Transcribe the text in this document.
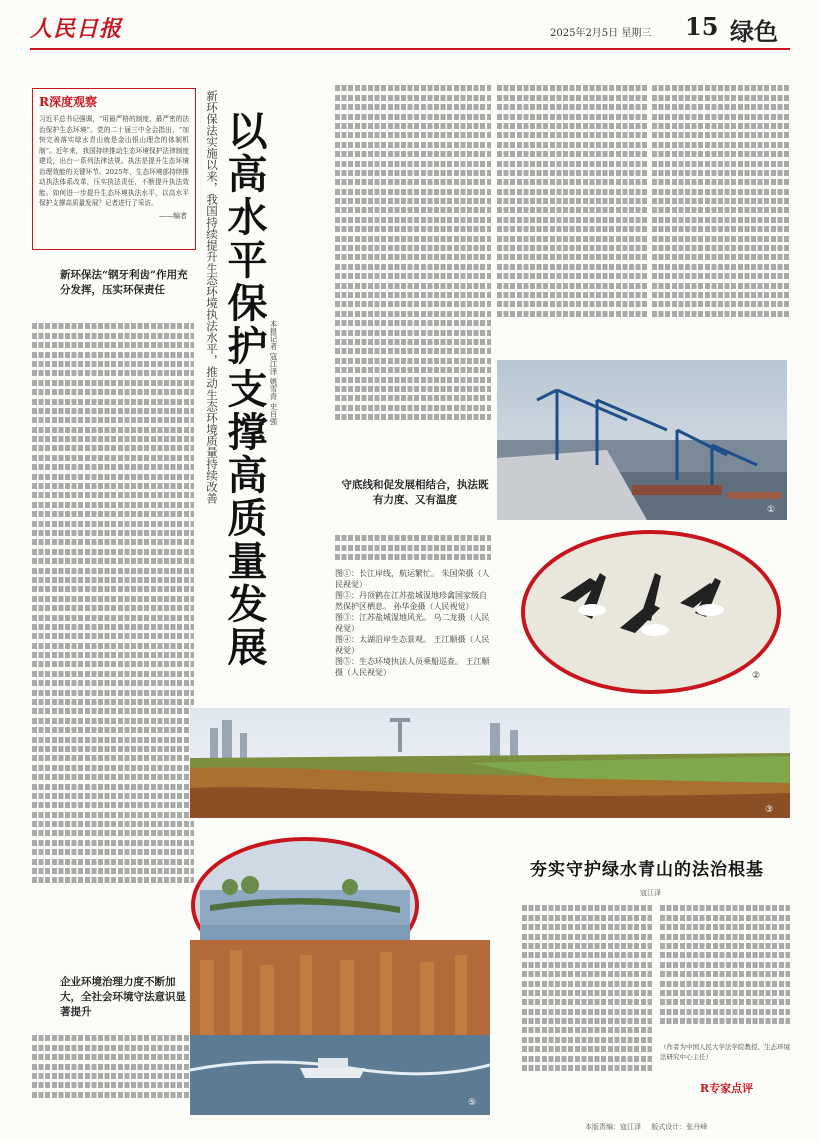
人民日报	2025年2月5日 星期三 15 绿色
R深度观察
习近平总书记强调，“用最严格的制度、最严密的法治保护生态环境”。党的二十届三中全会指出，“加快完善落实绿水青山就是金山银山理念的体制机制”。近年来，我国持续推动生态环境保护法律制度建设，出台一系列法律法规。执法是提升生态环境治理效能的关键环节。2025年，生态环境部持续推动执法体系改革，压实执法责任，不断提升执法效能。如何进一步提升生态环境执法水平，以高水平保护支撑高质量发展？记者进行了采访。
——编者
新环保法“钢牙利齿”作用充分发挥，压实环保责任
企业环境治理力度不断加大，全社会环境守法意识显著提升
新环保法实施以来，我国持续提升生态环境执法水平，推动生态环境质量持续改善 以高水平保护支撑高质量发展 本报记者 寇江泽 姚雪青 史自强
守底线和促发展相结合，执法既有力度、又有温度
图①：长江岸线，航运繁忙。 朱国荣摄（人民视觉）
图②：丹顶鹤在江苏盐城湿地珍禽国家级自然保护区栖息。 孙华金摄（人民视觉）
图③：江苏盐城湿地风光。 乌二龙摄（人民视觉）
图④：太湖沿岸生态景观。 王江顺摄（人民视觉）
图⑤：生态环境执法人员乘船巡查。 王江顺摄（人民视觉）
①
②
③
⑤
夯实守护绿水青山的法治根基
寇江泽
（作者为中国人民大学法学院教授、生态环境法研究中心主任）
R专家点评
本版责编：寇江泽 版式设计：张丹峰
